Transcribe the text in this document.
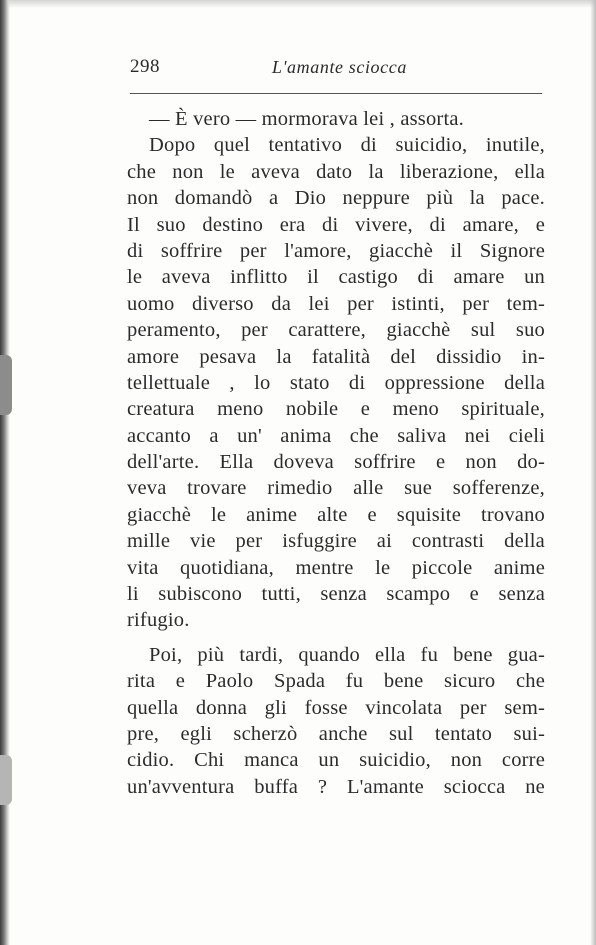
298	L'amante sciocca
— È vero — mormorava lei , assorta.
Dopo quel tentativo di suicidio, inutile,
che non le aveva dato la liberazione, ella
non domandò a Dio neppure più la pace.
Il suo destino era di vivere, di amare, e
di soffrire per l'amore, giacchè il Signore
le aveva inflitto il castigo di amare un
uomo diverso da lei per istinti, per tem-
peramento, per carattere, giacchè sul suo
amore pesava la fatalità del dissidio in-
tellettuale , lo stato di oppressione della
creatura meno nobile e meno spirituale,
accanto a un' anima che saliva nei cieli
dell'arte. Ella doveva soffrire e non do-
veva trovare rimedio alle sue sofferenze,
giacchè le anime alte e squisite trovano
mille vie per isfuggire ai contrasti della
vita quotidiana, mentre le piccole anime
li subiscono tutti, senza scampo e senza
rifugio.
Poi, più tardi, quando ella fu bene gua-
rita e Paolo Spada fu bene sicuro che
quella donna gli fosse vincolata per sem-
pre, egli scherzò anche sul tentato sui-
cidio. Chi manca un suicidio, non corre
un'avventura buffa ? L'amante sciocca ne
